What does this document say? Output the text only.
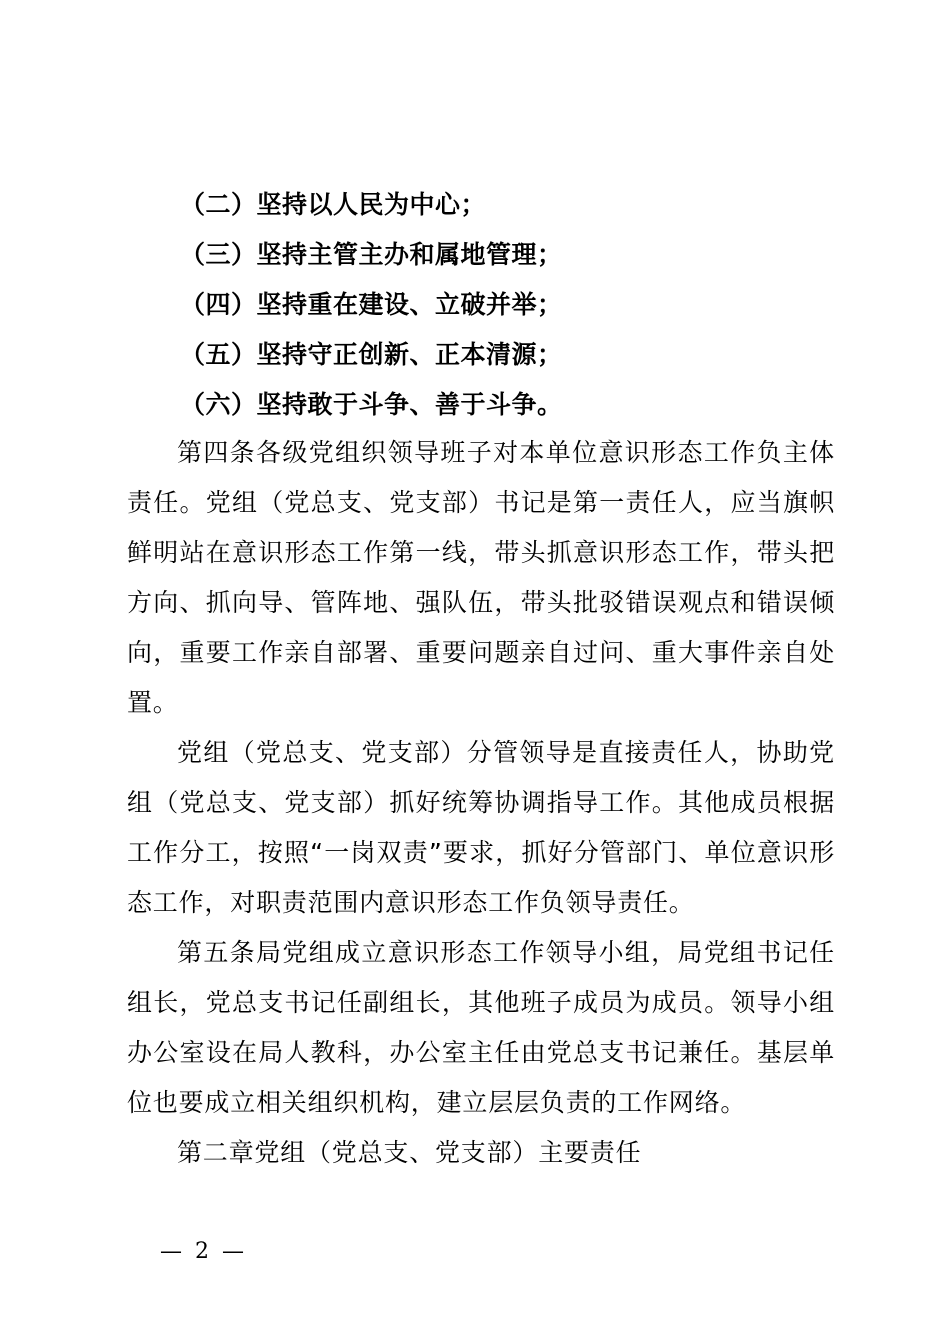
（二）坚持以人民为中心；
（三）坚持主管主办和属地管理；
（四）坚持重在建设、立破并举；
（五）坚持守正创新、正本清源；
（六）坚持敢于斗争、善于斗争。

第四条各级党组织领导班子对本单位意识形态工作负主体责任。党组（党总支、党支部）书记是第一责任人，应当旗帜鲜明站在意识形态工作第一线，带头抓意识形态工作，带头把方向、抓向导、管阵地、强队伍，带头批驳错误观点和错误倾向，重要工作亲自部署、重要问题亲自过问、重大事件亲自处置。

党组（党总支、党支部）分管领导是直接责任人，协助党组（党总支、党支部）抓好统筹协调指导工作。其他成员根据工作分工，按照“一岗双责”要求，抓好分管部门、单位意识形态工作，对职责范围内意识形态工作负领导责任。

第五条局党组成立意识形态工作领导小组，局党组书记任组长，党总支书记任副组长，其他班子成员为成员。领导小组办公室设在局人教科，办公室主任由党总支书记兼任。基层单位也要成立相关组织机构，建立层层负责的工作网络。

第二章党组（党总支、党支部）主要责任

— 2 —
